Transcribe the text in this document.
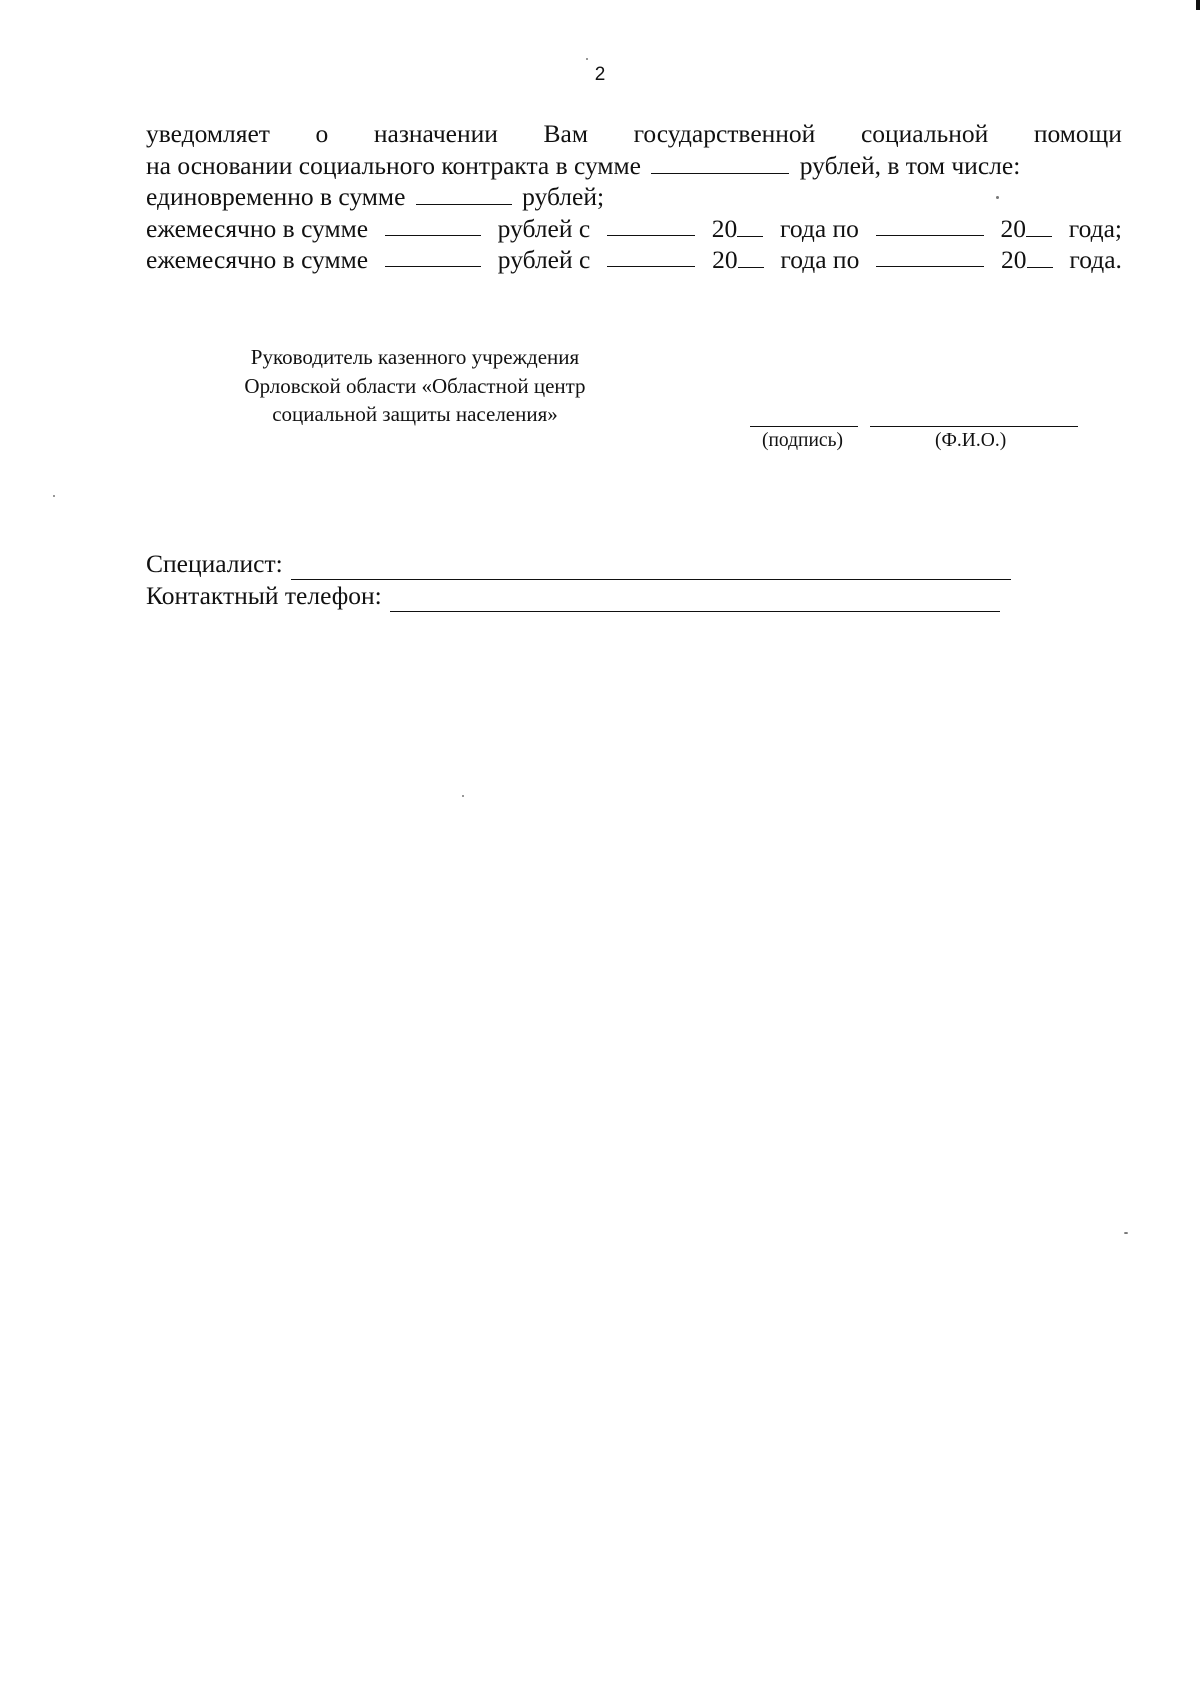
2
уведомляет о назначении Вам государственной социальной помощи
на основании социального контракта в сумме	рублей, в том числе:
единовременно в сумме	рублей;
ежемесячно в сумме	рублей с	20	года по	20	года;
ежемесячно в сумме	рублей с	20	года по	20	года.
Руководитель казенного учреждения
Орловской области «Областной центр
социальной защиты населения»
(подпись)	(Ф.И.О.)
Специалист:
Контактный телефон:
